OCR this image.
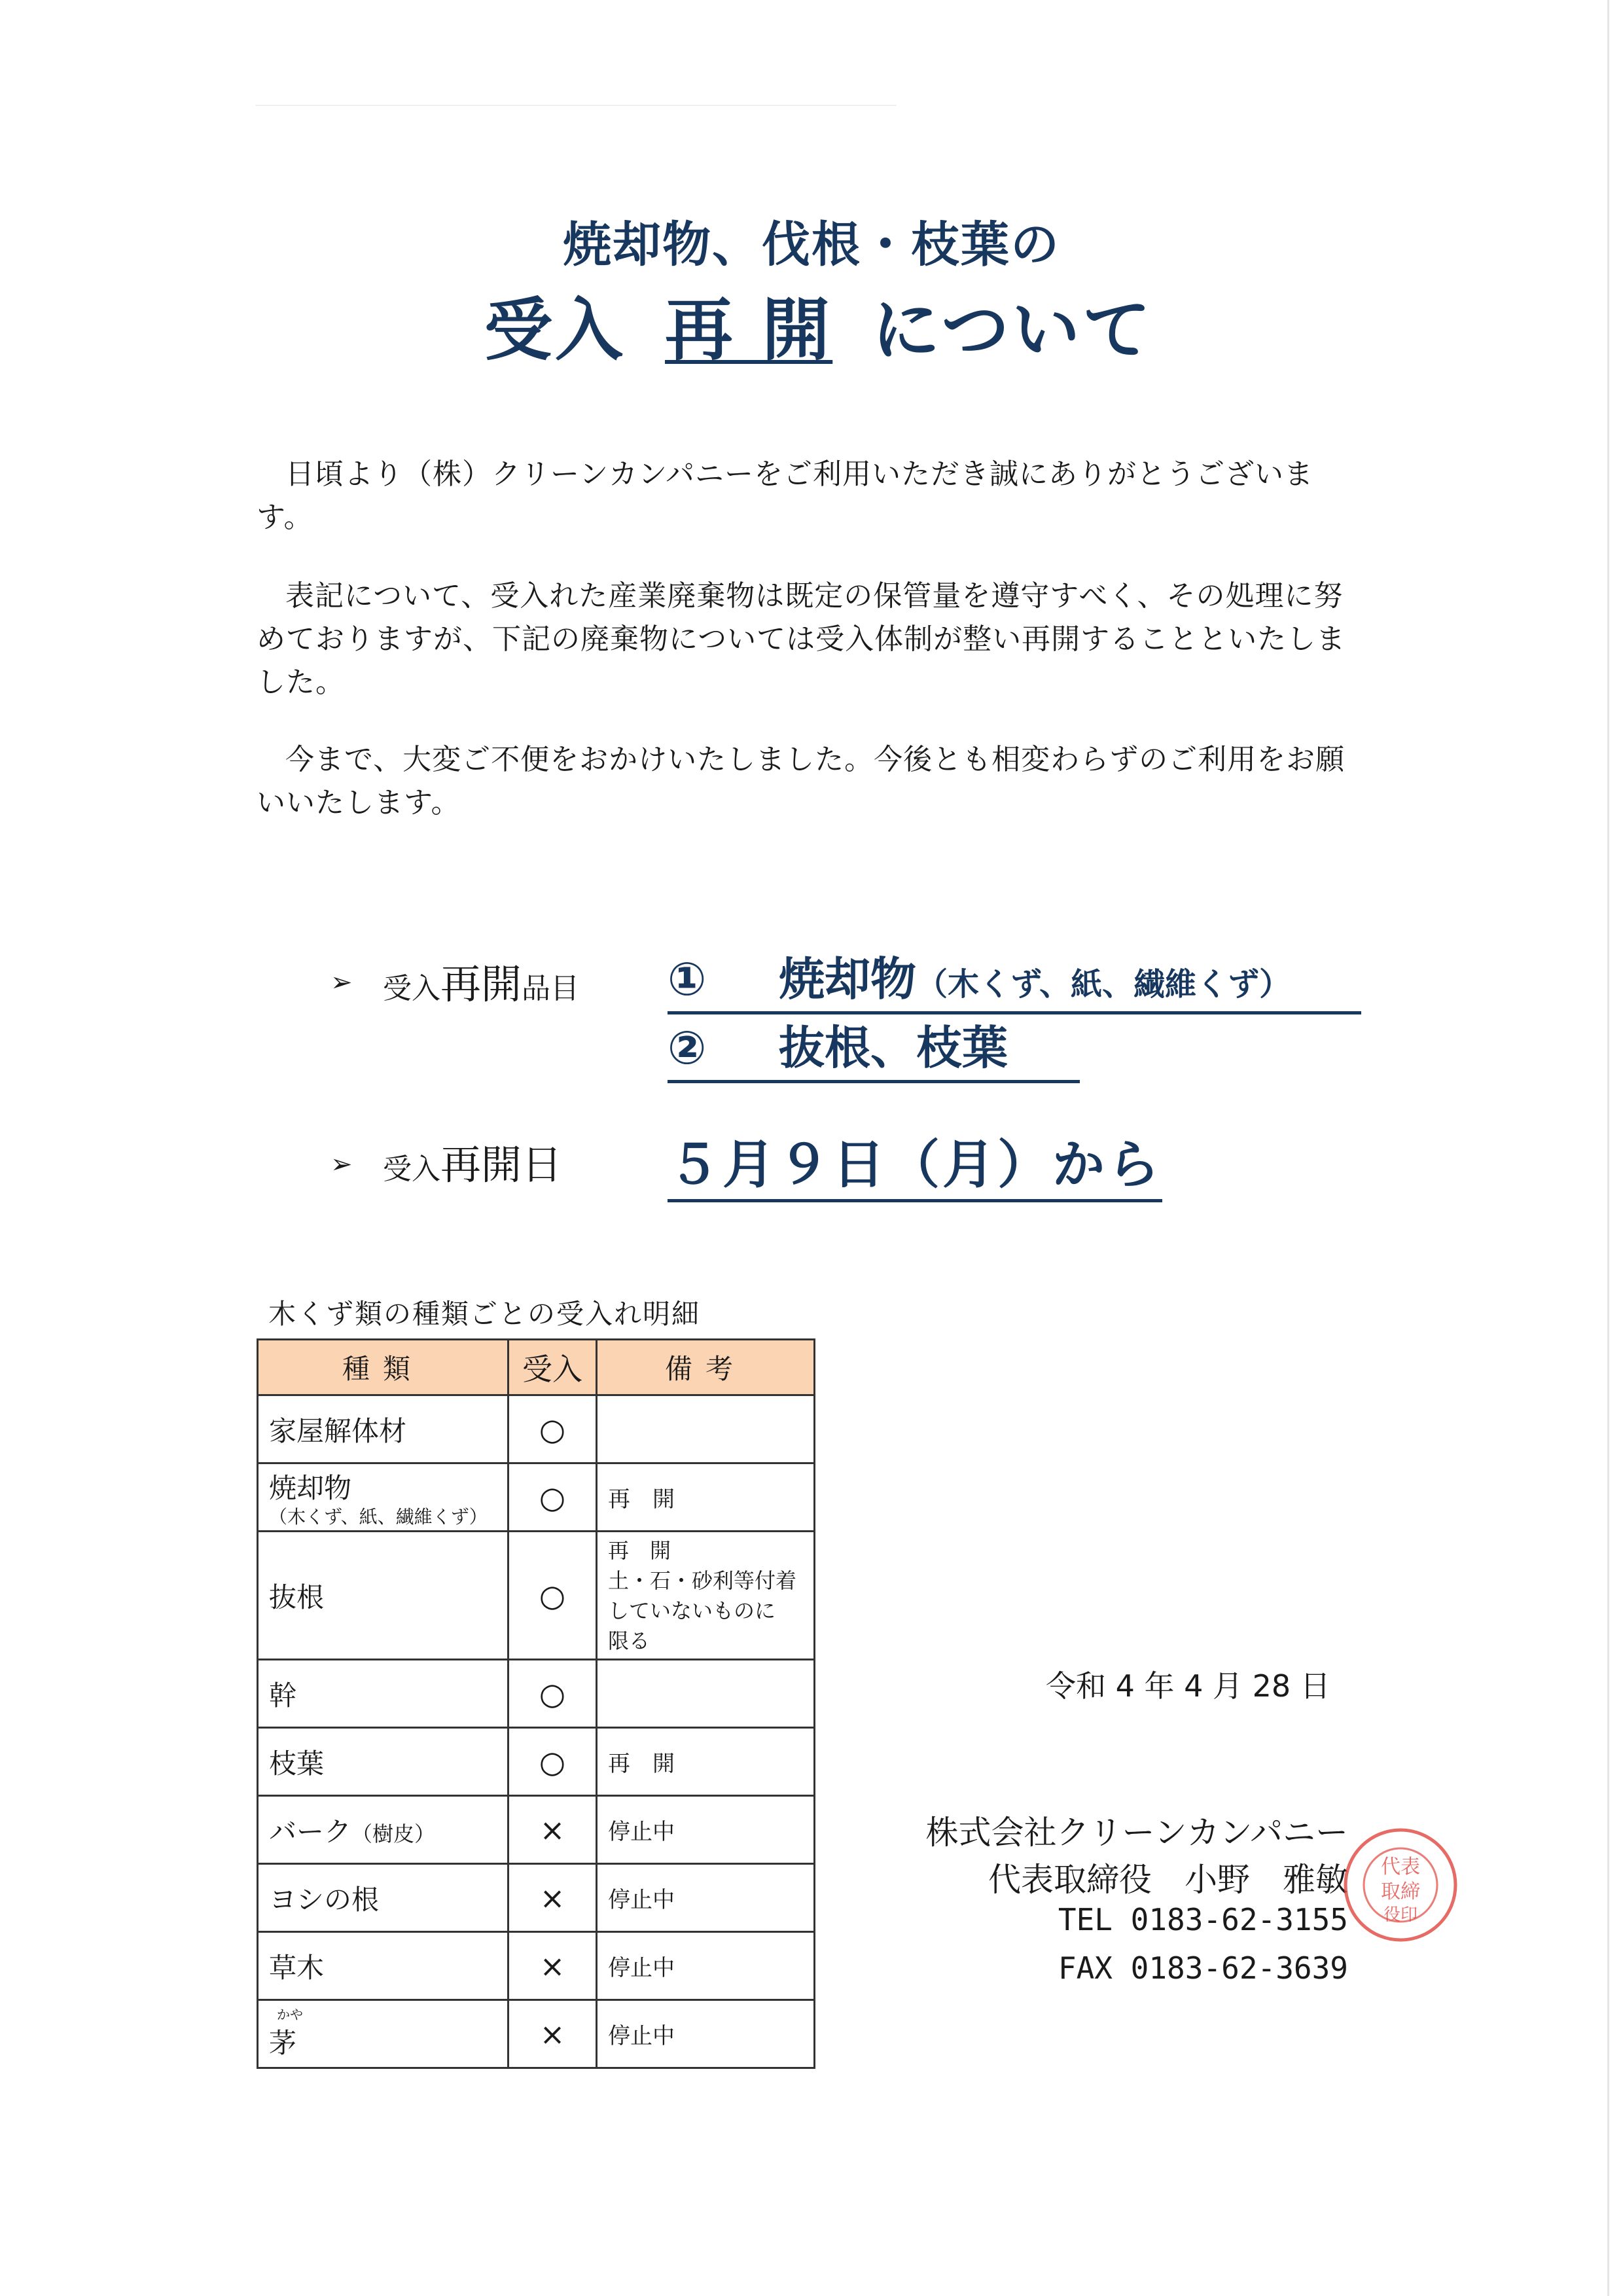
焼却物、伐根・枝葉の
受入 再 開 について
日頃より（株）クリーンカンパニーをご利用いただき誠にありがとうございます。
表記について、受入れた産業廃棄物は既定の保管量を遵守すべく、その処理に努めておりますが、下記の廃棄物については受入体制が整い再開することといたしました。
今まで、大変ご不便をおかけいたしました。今後とも相変わらずのご利用をお願いいたします。
➢ 受入再開品目 ① 焼却物（木くず、紙、繊維くず）
② 抜根、枝葉
➢ 受入再開日 ５月９日（月）から
木くず類の種類ごとの受入れ明細
種類	受入	備考
家屋解体材	○	
焼却物
（木くず、紙、繊維くず）	○	再　開
抜根	○	再　開
土・石・砂利等付着
していないものに
限る

幹	○	
枝葉	○	再　開
バーク（樹皮）	×	停止中
ヨシの根	×	停止中
草木	×	停止中

かや
茅	×	停止中
令和 4 年 4 月 28 日
株式会社クリーンカンパニー
代表取締役　小野　雅敏
TEL 0183-62-3155
FAX 0183-62-3639
代表
取締
役印
